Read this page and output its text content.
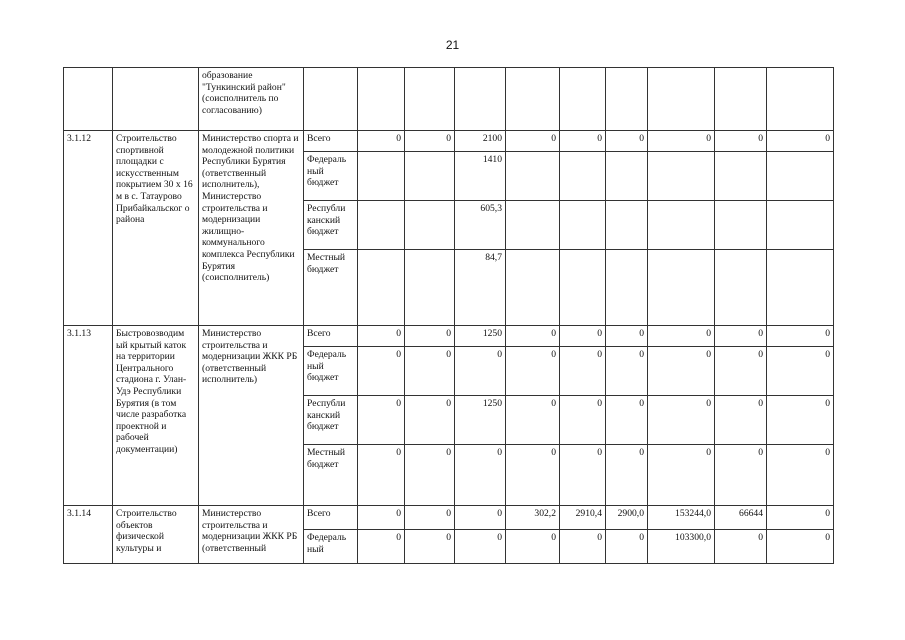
21
		образование "Тункинский район" (соисполнитель по согласованию)										
3.1.12	Строительство спортивной площадки с искусственным покрытием 30 х 16 м в с. Татаурово Прибайкальског о района	Министерство спорта и молодежной политики Республики Бурятия (ответственный исполнитель), Министерство строительства и модернизации жилищно-коммунального комплекса Республики Бурятия (соисполнитель)	Всего	0	0	2100	0	0	0	0	0	0
			Федераль ный бюджет			1410						
			Республи канский бюджет			605,3						
			Местный бюджет			84,7						
3.1.13	Быстровозводим ый крытый каток на территории Центрального стадиона г. Улан-Удэ Республики Бурятия (в том числе разработка проектной и рабочей документации)	Министерство строительства и модернизации ЖКК РБ (ответственный исполнитель)	Всего	0	0	1250	0	0	0	0	0	0
			Федераль ный бюджет	0	0	0	0	0	0	0	0	0
			Республи канский бюджет	0	0	1250	0	0	0	0	0	0
			Местный бюджет	0	0	0	0	0	0	0	0	0
3.1.14	Строительство объектов физической культуры и	Министерство строительства и модернизации ЖКК РБ (ответственный	Всего	0	0	0	302,2	2910,4	2900,0	153244,0	66644	0
			Федераль ный	0	0	0	0	0	0	103300,0	0	0
